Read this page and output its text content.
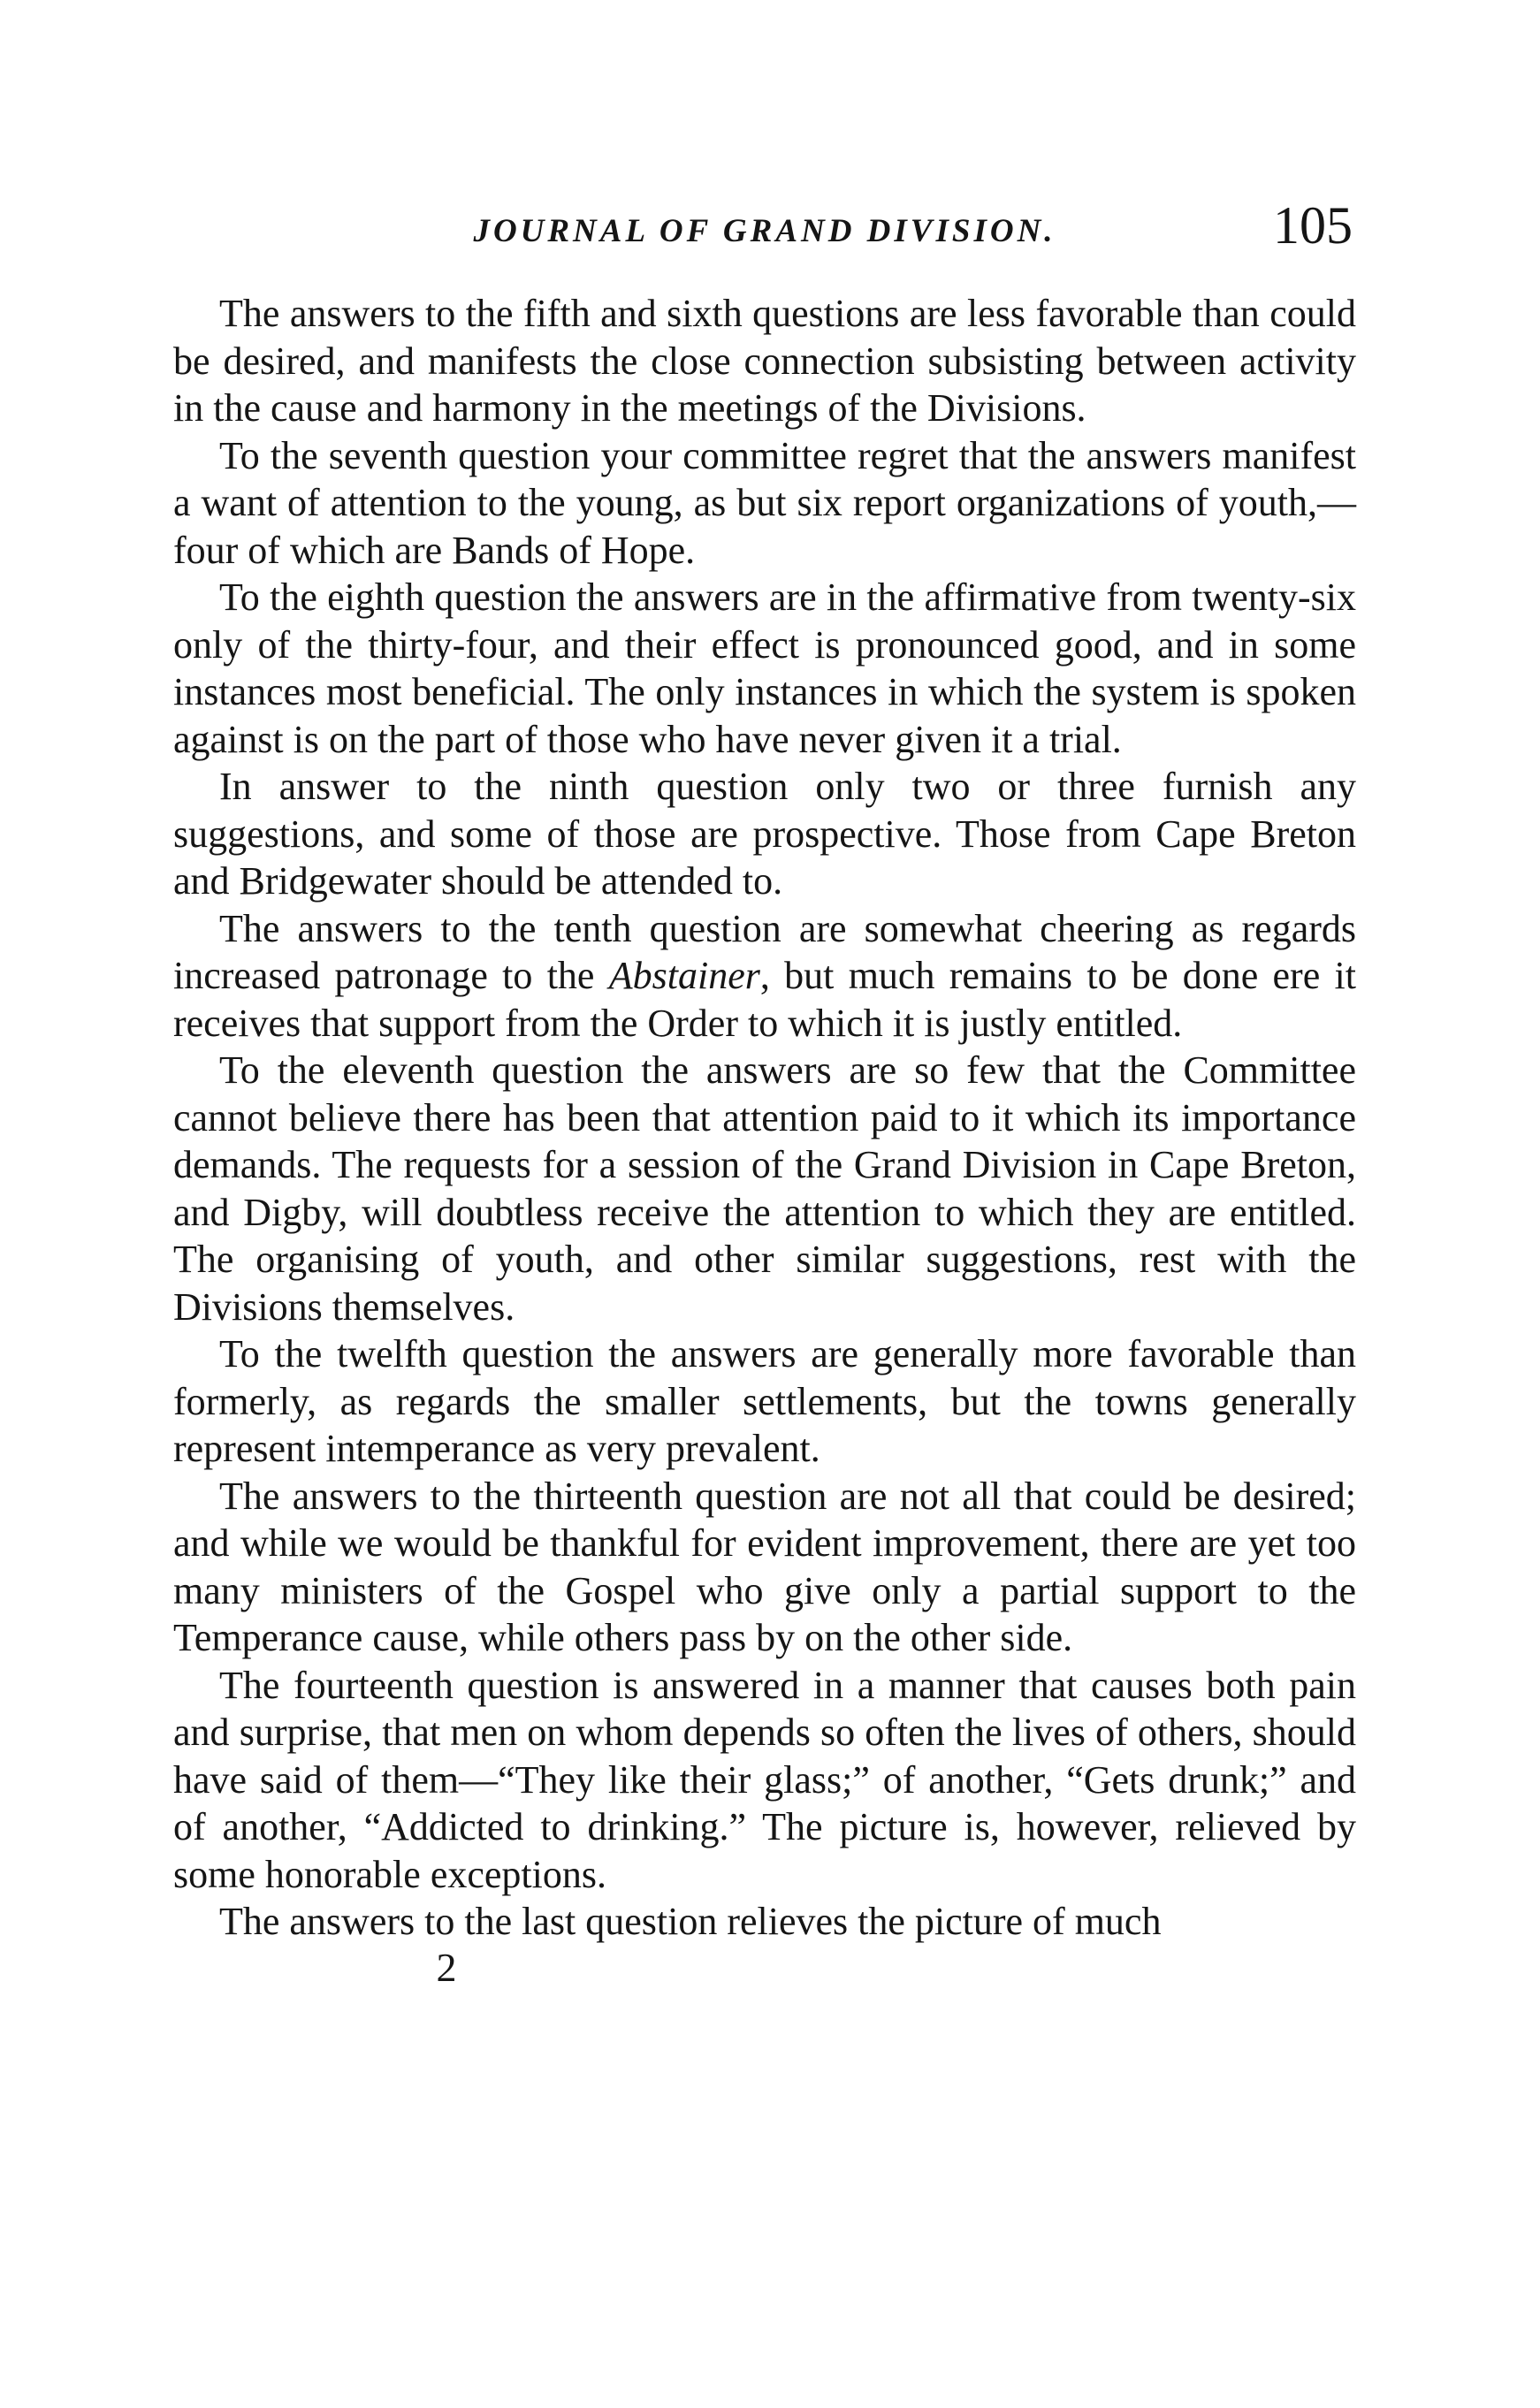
JOURNAL OF GRAND DIVISION.	105

The answers to the fifth and sixth questions are less favorable than could be desired, and manifests the close connection subsisting between activity in the cause and harmony in the meetings of the Divisions.

To the seventh question your committee regret that the answers manifest a want of attention to the young, as but six report organizations of youth,—four of which are Bands of Hope.

To the eighth question the answers are in the affirmative from twenty-six only of the thirty-four, and their effect is pronounced good, and in some instances most beneficial. The only instances in which the system is spoken against is on the part of those who have never given it a trial.

In answer to the ninth question only two or three furnish any suggestions, and some of those are prospective. Those from Cape Breton and Bridgewater should be attended to.

The answers to the tenth question are somewhat cheering as regards increased patronage to the Abstainer, but much remains to be done ere it receives that support from the Order to which it is justly entitled.

To the eleventh question the answers are so few that the Committee cannot believe there has been that attention paid to it which its importance demands. The requests for a session of the Grand Division in Cape Breton, and Digby, will doubtless receive the attention to which they are entitled. The organising of youth, and other similar suggestions, rest with the Divisions themselves.

To the twelfth question the answers are generally more favorable than formerly, as regards the smaller settlements, but the towns generally represent intemperance as very prevalent.

The answers to the thirteenth question are not all that could be desired; and while we would be thankful for evident improvement, there are yet too many ministers of the Gospel who give only a partial support to the Temperance cause, while others pass by on the other side.

The fourteenth question is answered in a manner that causes both pain and surprise, that men on whom depends so often the lives of others, should have said of them—“They like their glass;” of another, “Gets drunk;” and of another, “Addicted to drinking.” The picture is, however, relieved by some honorable exceptions.

The answers to the last question relieves the picture of much

2
